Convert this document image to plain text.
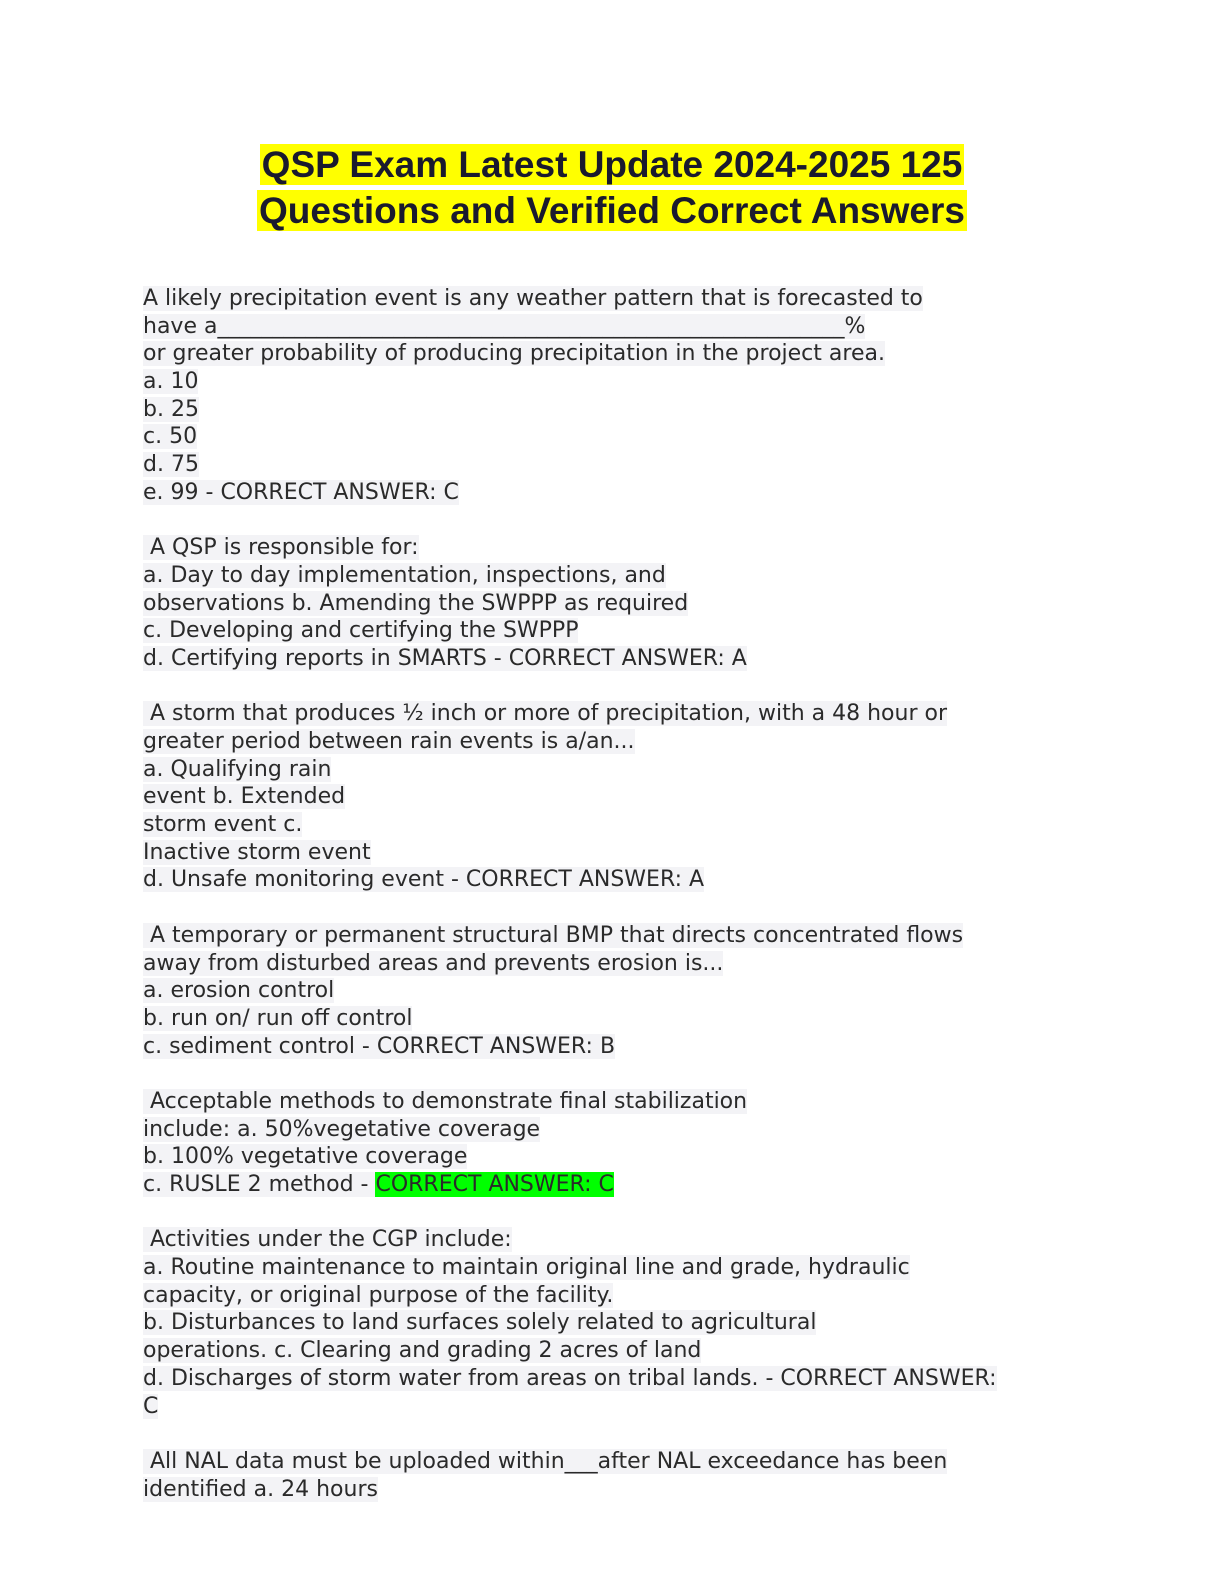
QSP Exam Latest Update 2024-2025 125
Questions and Verified Correct Answers
A likely precipitation event is any weather pattern that is forecasted to
have a_________________________________________________________%
or greater probability of producing precipitation in the project area.
a. 10
b. 25
c. 50
d. 75
e. 99 - CORRECT ANSWER: C
A QSP is responsible for:
a. Day to day implementation, inspections, and
observations b. Amending the SWPPP as required
c. Developing and certifying the SWPPP
d. Certifying reports in SMARTS - CORRECT ANSWER: A
A storm that produces ½ inch or more of precipitation, with a 48 hour or
greater period between rain events is a/an...
a. Qualifying rain
event b. Extended
storm event c.
Inactive storm event
d. Unsafe monitoring event - CORRECT ANSWER: A
A temporary or permanent structural BMP that directs concentrated flows
away from disturbed areas and prevents erosion is...
a. erosion control
b. run on/ run off control
c. sediment control - CORRECT ANSWER: B
Acceptable methods to demonstrate final stabilization
include: a. 50%vegetative coverage
b. 100% vegetative coverage
c. RUSLE 2 method - CORRECT ANSWER: C
Activities under the CGP include:
a. Routine maintenance to maintain original line and grade, hydraulic
capacity, or original purpose of the facility.
b. Disturbances to land surfaces solely related to agricultural
operations. c. Clearing and grading 2 acres of land
d. Discharges of storm water from areas on tribal lands. - CORRECT ANSWER:
C
All NAL data must be uploaded within___after NAL exceedance has been
identified a. 24 hours
